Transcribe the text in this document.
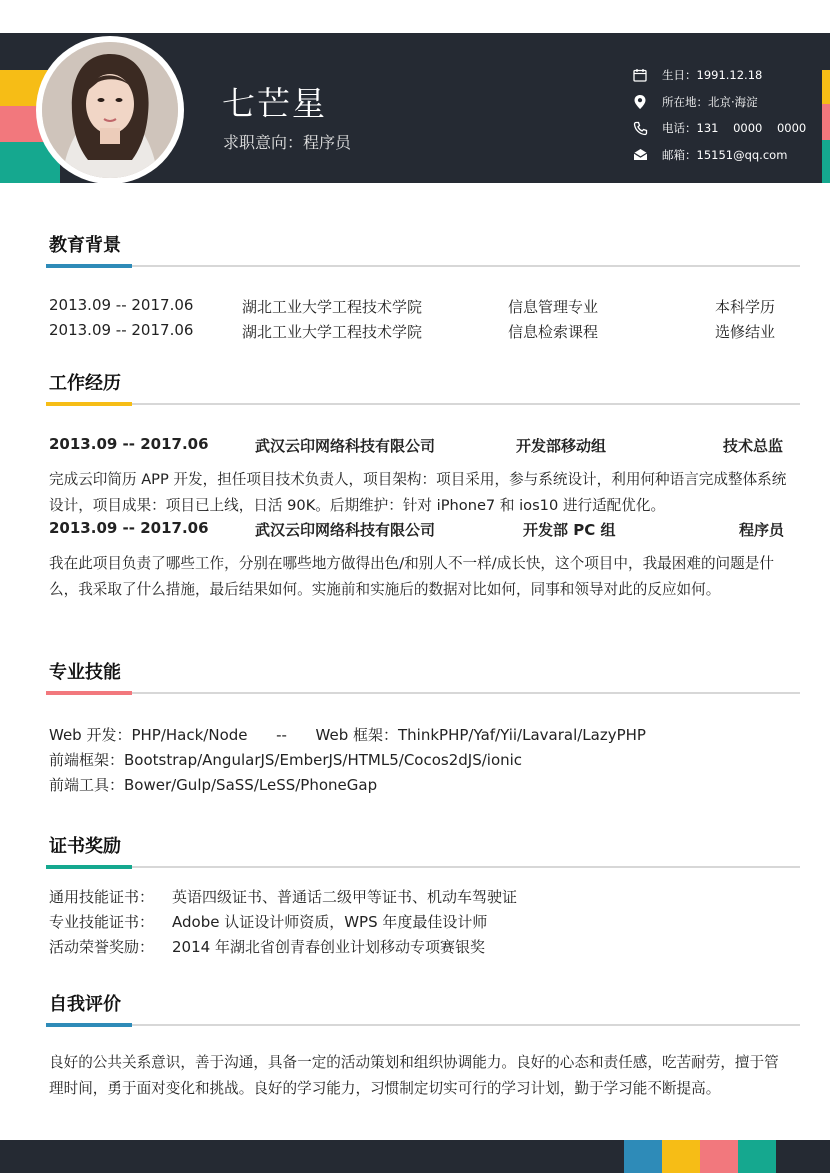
七芒星
求职意向：程序员
生日：1991.12.18
所在地：北京·海淀
电话：131    0000    0000
邮箱：15151@qq.com
教育背景
2013.09 -- 2017.06	湖北工业大学工程技术学院	信息管理专业	本科学历
2013.09 -- 2017.06	湖北工业大学工程技术学院	信息检索课程	选修结业
工作经历
2013.09 -- 2017.06	武汉云印网络科技有限公司	开发部移动组	技术总监
完成云印简历 APP 开发，担任项目技术负责人，项目架构：项目采用，参与系统设计，利用何种语言完成整体系统设计，项目成果：项目已上线，日活 90K。后期维护：针对 iPhone7 和 ios10 进行适配优化。
2013.09 -- 2017.06	武汉云印网络科技有限公司	开发部 PC 组	程序员
我在此项目负责了哪些工作，分别在哪些地方做得出色/和别人不一样/成长快，这个项目中，我最困难的问题是什么，我采取了什么措施，最后结果如何。实施前和实施后的数据对比如何，同事和领导对此的反应如何。
专业技能
Web 开发：PHP/Hack/Node      --      Web 框架：ThinkPHP/Yaf/Yii/Lavaral/LazyPHP
前端框架：Bootstrap/AngularJS/EmberJS/HTML5/Cocos2dJS/ionic
前端工具：Bower/Gulp/SaSS/LeSS/PhoneGap
证书奖励
通用技能证书： 英语四级证书、普通话二级甲等证书、机动车驾驶证
专业技能证书： Adobe 认证设计师资质，WPS 年度最佳设计师
活动荣誉奖励： 2014 年湖北省创青春创业计划移动专项赛银奖
自我评价
良好的公共关系意识，善于沟通，具备一定的活动策划和组织协调能力。良好的心态和责任感，吃苦耐劳，擅于管理时间，勇于面对变化和挑战。良好的学习能力，习惯制定切实可行的学习计划，勤于学习能不断提高。
